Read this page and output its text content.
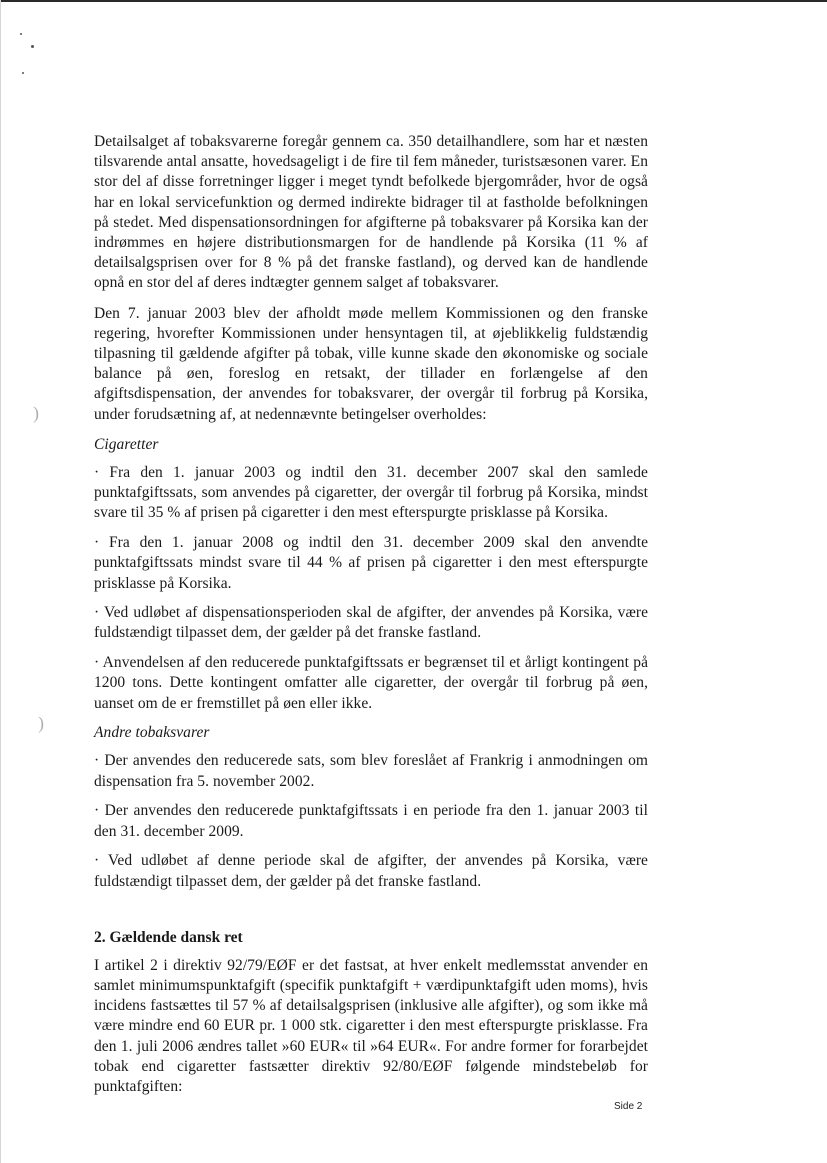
)
)

Detailsalget af tobaksvarerne foregår gennem ca. 350 detailhandlere, som har et næsten tilsvarende antal ansatte, hovedsageligt i de fire til fem måneder, turistsæsonen varer. En stor del af disse forretninger ligger i meget tyndt befolkede bjergområder, hvor de også har en lokal servicefunktion og dermed indirekte bidrager til at fastholde befolkningen på stedet. Med dispensationsordningen for afgifterne på tobaksvarer på Korsika kan der indrømmes en højere distributionsmargen for de handlende på Korsika (11 % af detailsalgsprisen over for 8 % på det franske fastland), og derved kan de handlende opnå en stor del af deres indtægter gennem salget af tobaksvarer.

Den 7. januar 2003 blev der afholdt møde mellem Kommissionen og den franske regering, hvorefter Kommissionen under hensyntagen til, at øjeblikkelig fuldstændig tilpasning til gældende afgifter på tobak, ville kunne skade den økonomiske og sociale balance på øen, foreslog en retsakt, der tillader en forlængelse af den afgiftsdispensation, der anvendes for tobaksvarer, der overgår til forbrug på Korsika, under forudsætning af, at nedennævnte betingelser overholdes:

Cigaretter

· Fra den 1. januar 2003 og indtil den 31. december 2007 skal den samlede punktafgiftssats, som anvendes på cigaretter, der overgår til forbrug på Korsika, mindst svare til 35 % af prisen på cigaretter i den mest efterspurgte prisklasse på Korsika.

· Fra den 1. januar 2008 og indtil den 31. december 2009 skal den anvendte punktafgiftssats mindst svare til 44 % af prisen på cigaretter i den mest efterspurgte prisklasse på Korsika.

· Ved udløbet af dispensationsperioden skal de afgifter, der anvendes på Korsika, være fuldstændigt tilpasset dem, der gælder på det franske fastland.

· Anvendelsen af den reducerede punktafgiftssats er begrænset til et årligt kontingent på 1200 tons. Dette kontingent omfatter alle cigaretter, der overgår til forbrug på øen, uanset om de er fremstillet på øen eller ikke.

Andre tobaksvarer

· Der anvendes den reducerede sats, som blev foreslået af Frankrig i anmodningen om dispensation fra 5. november 2002.

· Der anvendes den reducerede punktafgiftssats i en periode fra den 1. januar 2003 til den 31. december 2009.

· Ved udløbet af denne periode skal de afgifter, der anvendes på Korsika, være fuldstændigt tilpasset dem, der gælder på det franske fastland.

2. Gældende dansk ret

I artikel 2 i direktiv 92/79/EØF er det fastsat, at hver enkelt medlemsstat anvender en samlet minimumspunktafgift (specifik punktafgift + værdipunktafgift uden moms), hvis incidens fastsættes til 57 % af detailsalgsprisen (inklusive alle afgifter), og som ikke må være mindre end 60 EUR pr. 1 000 stk. cigaretter i den mest efterspurgte prisklasse. Fra den 1. juli 2006 ændres tallet »60 EUR« til »64 EUR«. For andre former for forarbejdet tobak end cigaretter fastsætter direktiv 92/80/EØF følgende mindstebeløb for punktafgiften:

Side 2
